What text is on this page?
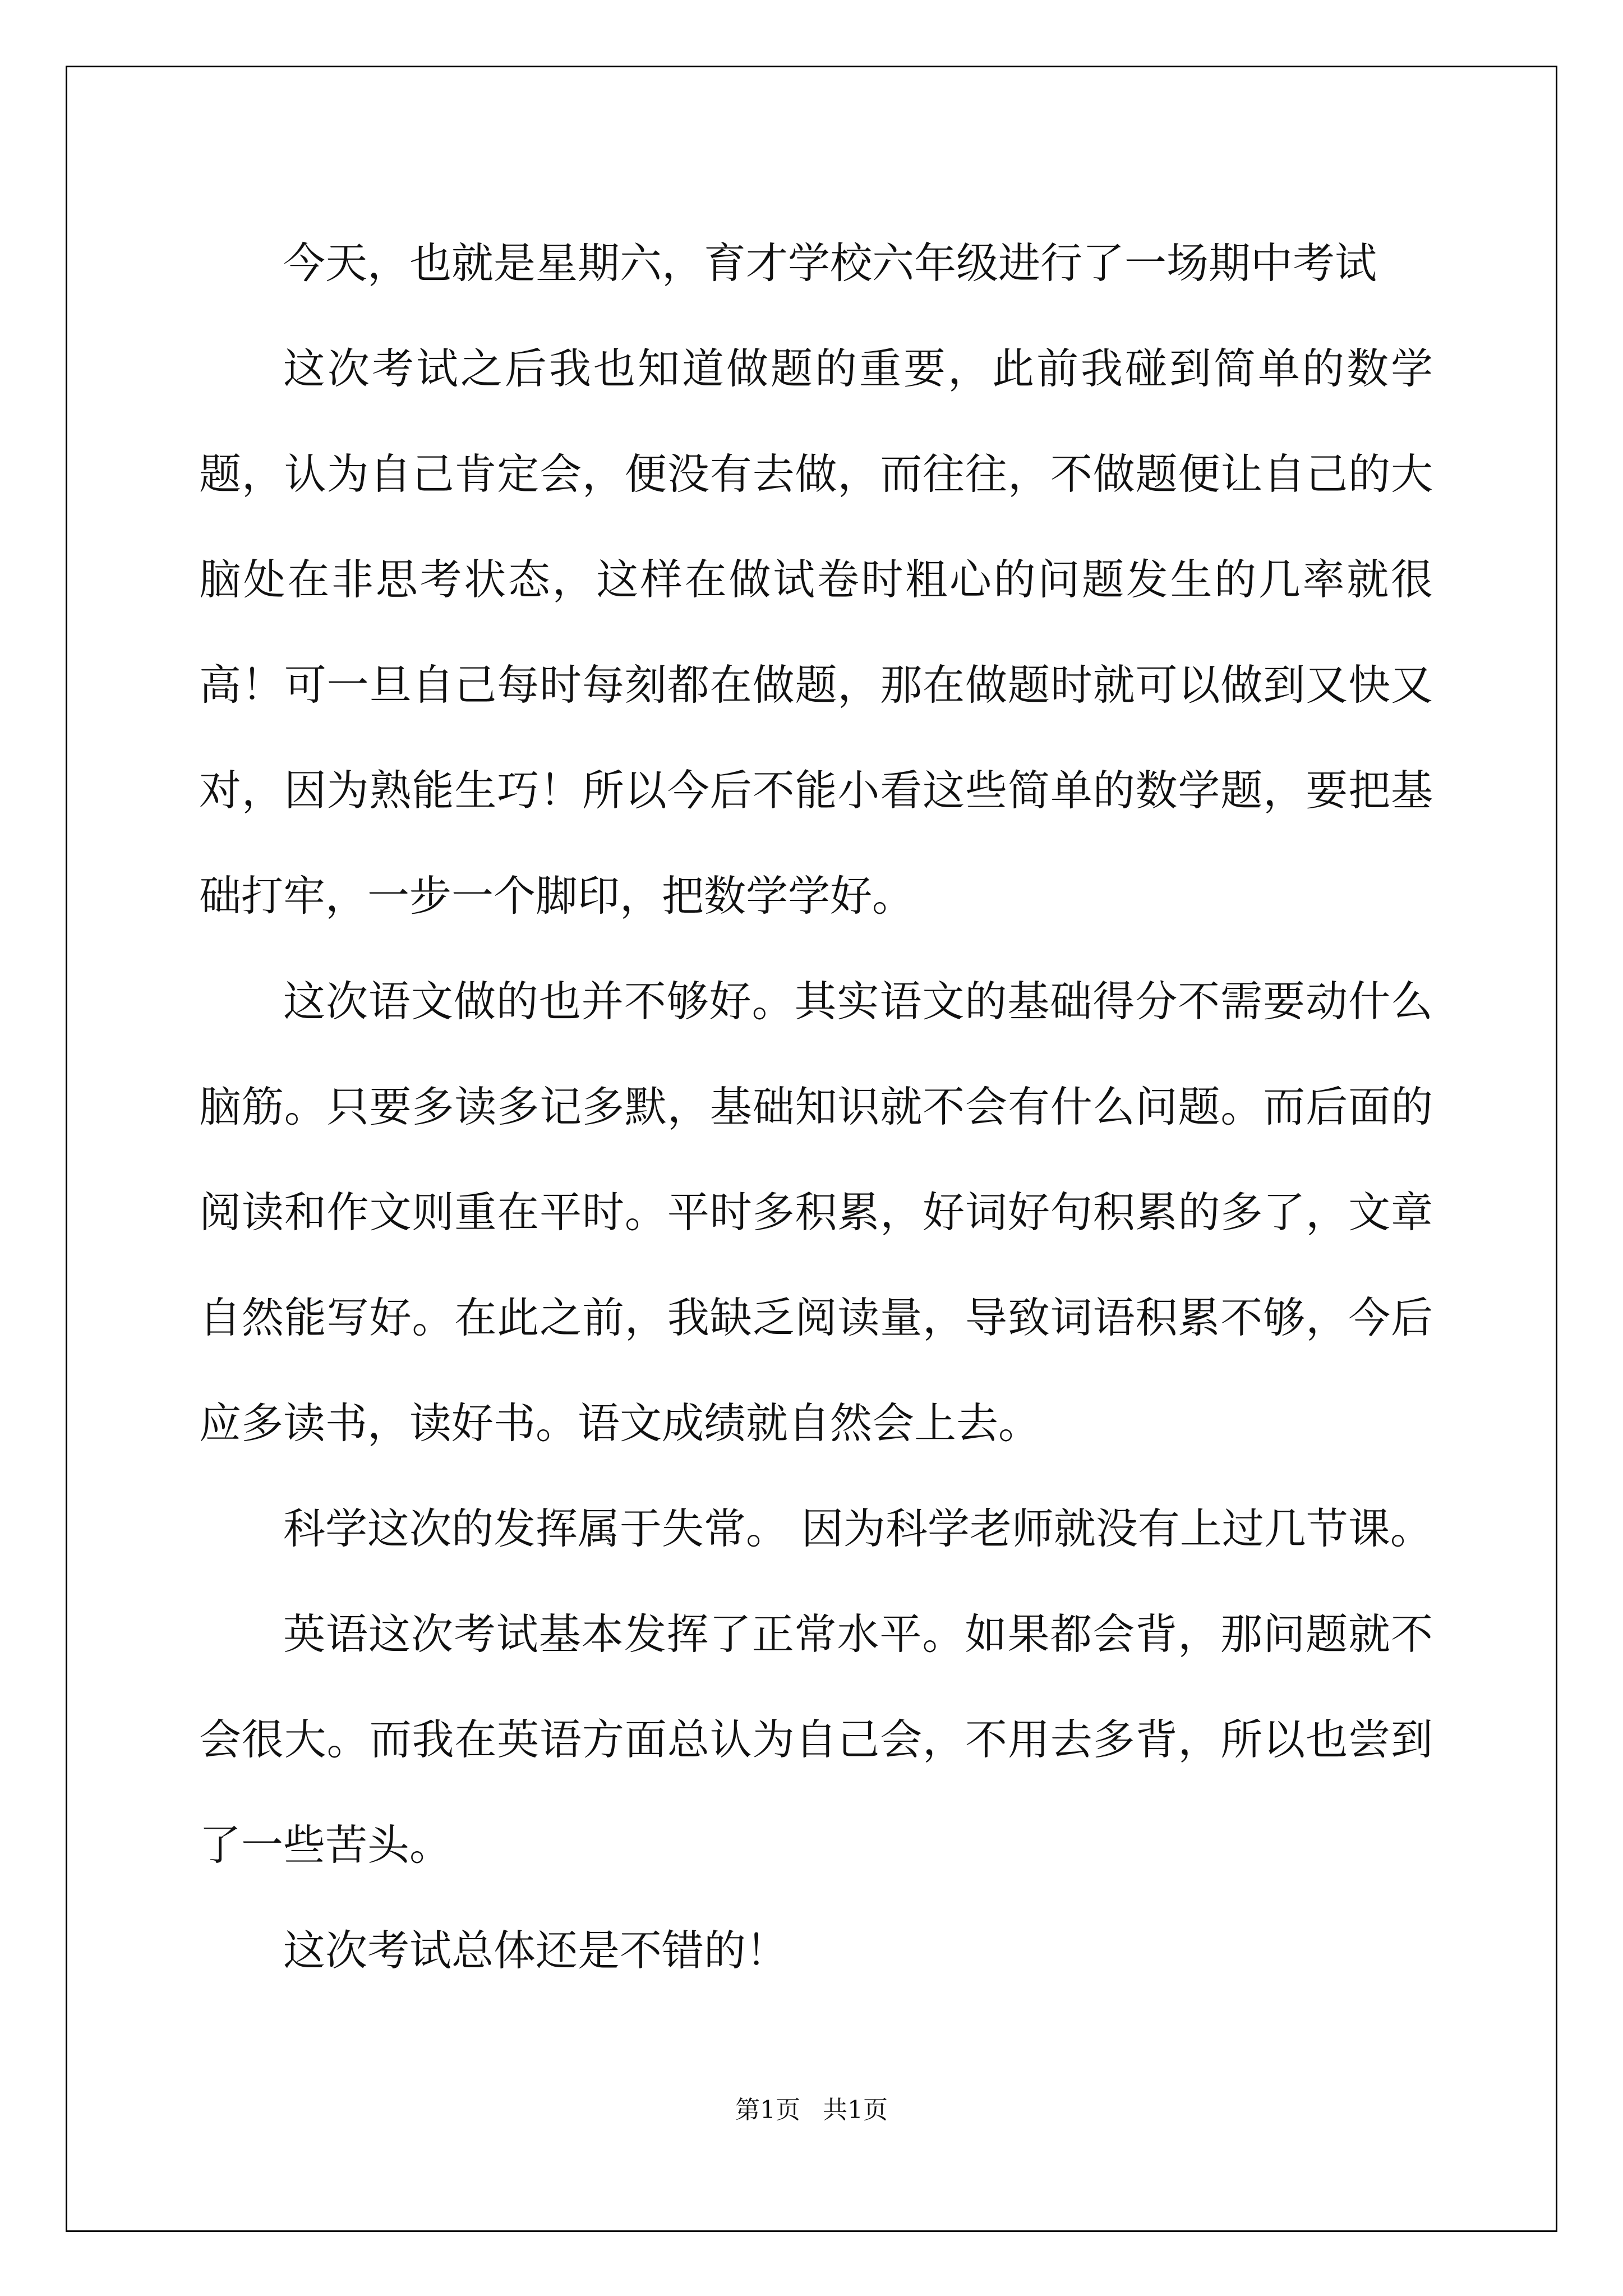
今天，也就是星期六，育才学校六年级进行了一场期中考试

这次考试之后我也知道做题的重要，此前我碰到简单的数学题，认为自己肯定会，便没有去做，而往往，不做题便让自己的大脑处在非思考状态，这样在做试卷时粗心的问题发生的几率就很高！可一旦自己每时每刻都在做题，那在做题时就可以做到又快又对，因为熟能生巧！所以今后不能小看这些简单的数学题，要把基础打牢，一步一个脚印，把数学学好。

这次语文做的也并不够好。其实语文的基础得分不需要动什么脑筋。只要多读多记多默，基础知识就不会有什么问题。而后面的阅读和作文则重在平时。平时多积累，好词好句积累的多了，文章自然能写好。在此之前，我缺乏阅读量，导致词语积累不够，今后应多读书，读好书。语文成绩就自然会上去。

科学这次的发挥属于失常。 因为科学老师就没有上过几节课。

英语这次考试基本发挥了正常水平。如果都会背，那问题就不会很大。而我在英语方面总认为自己会，不用去多背，所以也尝到了一些苦头。

这次考试总体还是不错的！

第1页 共1页
